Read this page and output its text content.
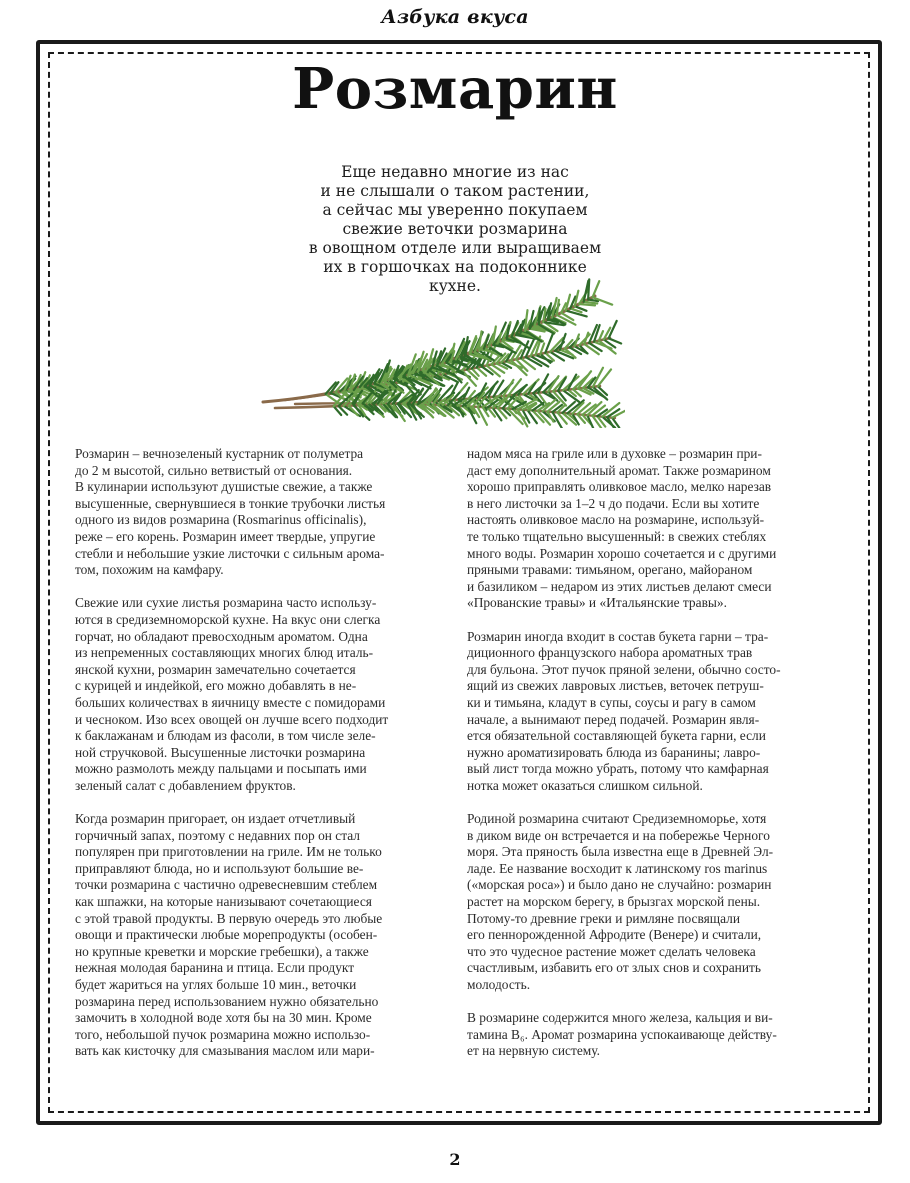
Азбука вкуса
Розмарин
Еще недавно многие из нас
и не слышали о таком растении,
а сейчас мы уверенно покупаем
свежие веточки розмарина
в овощном отделе или выращиваем
их в горшочках на подоконнике
кухне.
Розмарин – вечнозеленый кустарник от полуметра
до 2 м высотой, сильно ветвистый от основания.
В кулинарии используют душистые свежие, а также
высушенные, свернувшиеся в тонкие трубочки листья
одного из видов розмарина (Rosmarinus officinalis),
реже – его корень. Розмарин имеет твердые, упругие
стебли и небольшие узкие листочки с сильным арома-
том, похожим на камфару.
Свежие или сухие листья розмарина часто использу-
ются в средиземноморской кухне. На вкус они слегка
горчат, но обладают превосходным ароматом. Одна
из непременных составляющих многих блюд италь-
янской кухни, розмарин замечательно сочетается
с курицей и индейкой, его можно добавлять в не-
больших количествах в яичницу вместе с помидорами
и чесноком. Изо всех овощей он лучше всего подходит
к баклажанам и блюдам из фасоли, в том числе зеле-
ной стручковой. Высушенные листочки розмарина
можно размолоть между пальцами и посыпать ими
зеленый салат с добавлением фруктов.
Когда розмарин пригорает, он издает отчетливый
горчичный запах, поэтому с недавних пор он стал
популярен при приготовлении на гриле. Им не только
приправляют блюда, но и используют большие ве-
точки розмарина с частично одревесневшим стеблем
как шпажки, на которые нанизывают сочетающиеся
с этой травой продукты. В первую очередь это любые
овощи и практически любые морепродукты (особен-
но крупные креветки и морские гребешки), а также
нежная молодая баранина и птица. Если продукт
будет жариться на углях больше 10 мин., веточки
розмарина перед использованием нужно обязательно
замочить в холодной воде хотя бы на 30 мин. Кроме
того, небольшой пучок розмарина можно использо-
вать как кисточку для смазывания маслом или мари-
надом мяса на гриле или в духовке – розмарин при-
даст ему дополнительный аромат. Также розмарином
хорошо приправлять оливковое масло, мелко нарезав
в него листочки за 1–2 ч до подачи. Если вы хотите
настоять оливковое масло на розмарине, используй-
те только тщательно высушенный: в свежих стеблях
много воды. Розмарин хорошо сочетается и с другими
пряными травами: тимьяном, орегано, майораном
и базиликом – недаром из этих листьев делают смеси
«Прованские травы» и «Итальянские травы».
Розмарин иногда входит в состав букета гарни – тра-
диционного французского набора ароматных трав
для бульона. Этот пучок пряной зелени, обычно состо-
ящий из свежих лавровых листьев, веточек петруш-
ки и тимьяна, кладут в супы, соусы и рагу в самом
начале, а вынимают перед подачей. Розмарин явля-
ется обязательной составляющей букета гарни, если
нужно ароматизировать блюда из баранины; лавро-
вый лист тогда можно убрать, потому что камфарная
нотка может оказаться слишком сильной.
Родиной розмарина считают Средиземноморье, хотя
в диком виде он встречается и на побережье Черного
моря. Эта пряность была известна еще в Древней Эл-
ладе. Ее название восходит к латинскому ros marinus
(«морская роса») и было дано не случайно: розмарин
растет на морском берегу, в брызгах морской пены.
Потому-то древние греки и римляне посвящали
его пеннорожденной Афродите (Венере) и считали,
что это чудесное растение может сделать человека
счастливым, избавить его от злых снов и сохранить
молодость.
В розмарине содержится много железа, кальция и ви-
тамина B₆. Аромат розмарина успокаивающе действу-
ет на нервную систему.
2
